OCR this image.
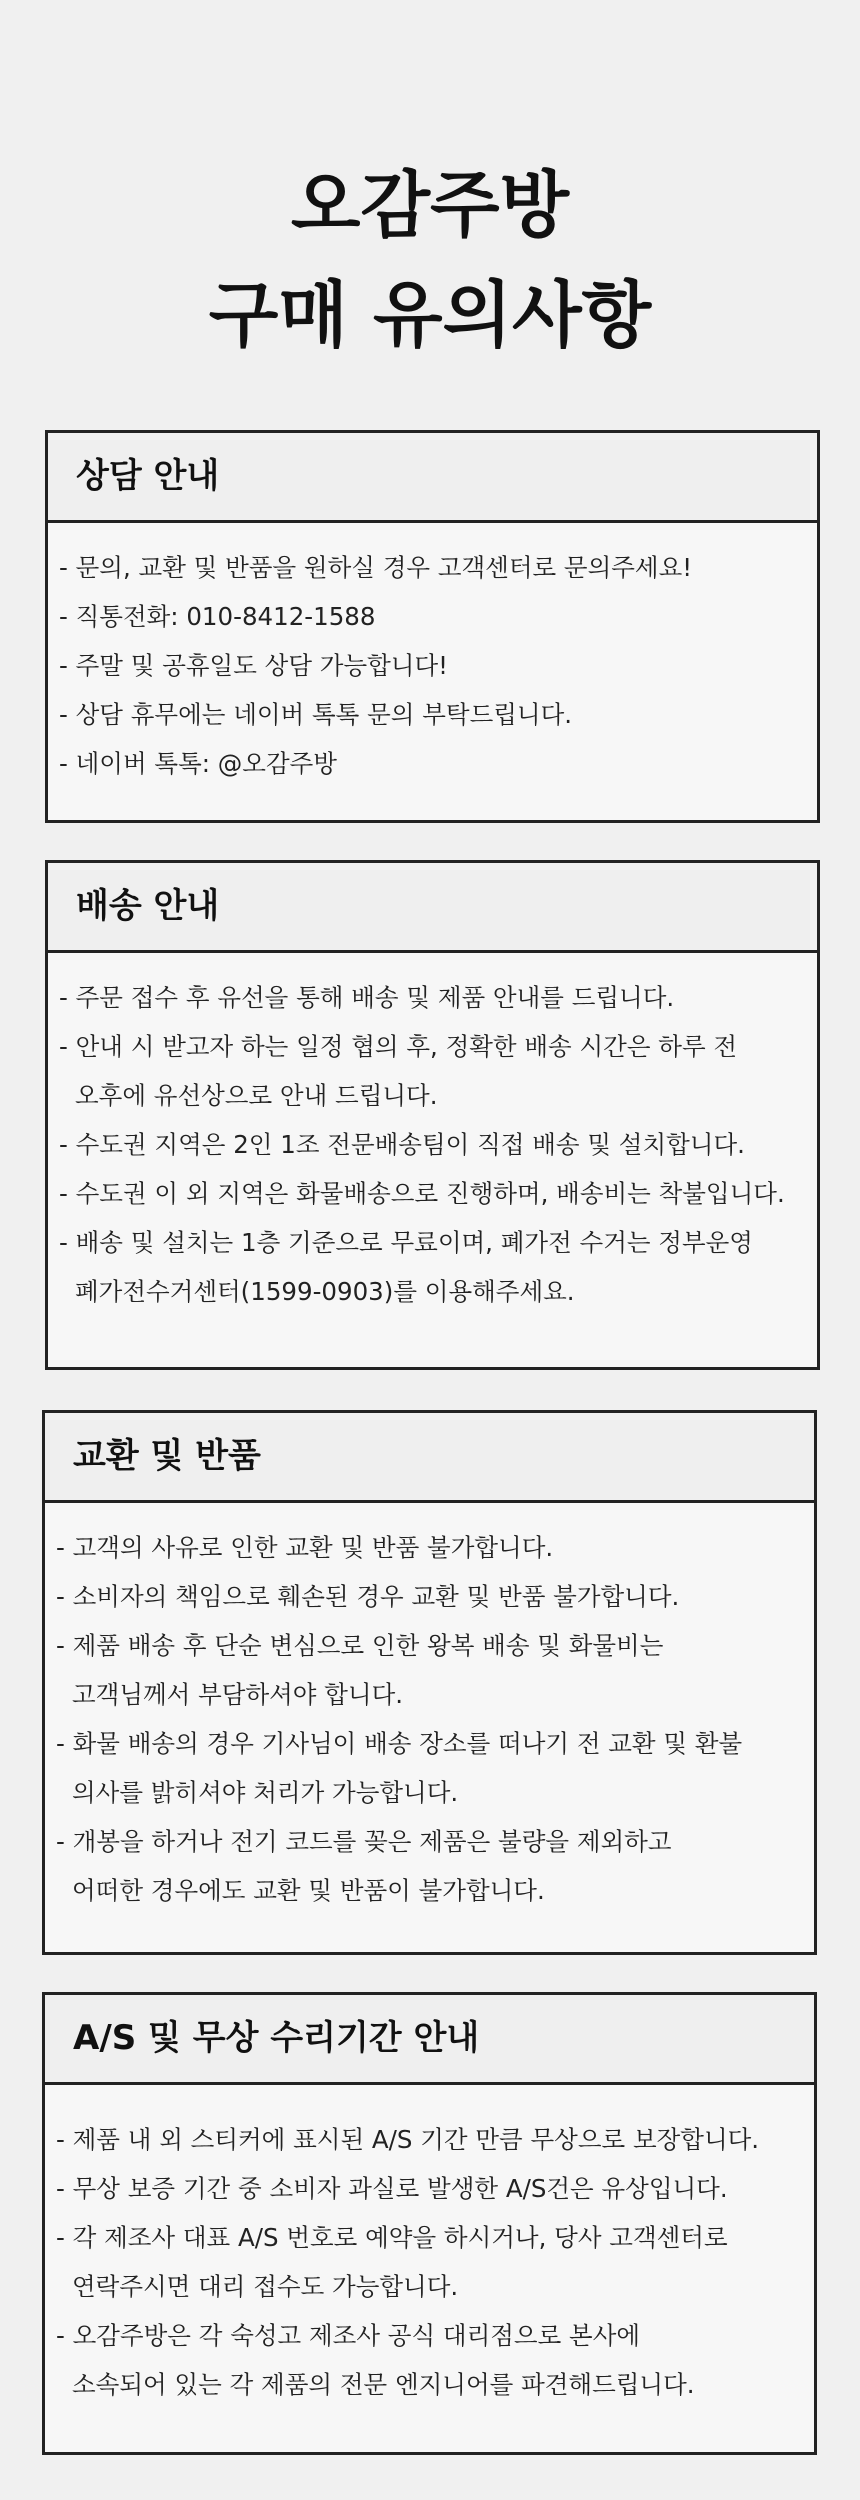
오감주방
구매 유의사항
상담 안내
- 문의, 교환 및 반품을 원하실 경우 고객센터로 문의주세요!
- 직통전화: 010-8412-1588
- 주말 및 공휴일도 상담 가능합니다!
- 상담 휴무에는 네이버 톡톡 문의 부탁드립니다.
- 네이버 톡톡: @오감주방
배송 안내
- 주문 접수 후 유선을 통해 배송 및 제품 안내를 드립니다.
- 안내 시 받고자 하는 일정 협의 후, 정확한 배송 시간은 하루 전
오후에 유선상으로 안내 드립니다.
- 수도권 지역은 2인 1조 전문배송팀이 직접 배송 및 설치합니다.
- 수도권 이 외 지역은 화물배송으로 진행하며, 배송비는 착불입니다.
- 배송 및 설치는 1층 기준으로 무료이며, 폐가전 수거는 정부운영
폐가전수거센터(1599-0903)를 이용해주세요.
교환 및 반품
- 고객의 사유로 인한 교환 및 반품 불가합니다.
- 소비자의 책임으로 훼손된 경우 교환 및 반품 불가합니다.
- 제품 배송 후 단순 변심으로 인한 왕복 배송 및 화물비는
고객님께서 부담하셔야 합니다.
- 화물 배송의 경우 기사님이 배송 장소를 떠나기 전 교환 및 환불
의사를 밝히셔야 처리가 가능합니다.
- 개봉을 하거나 전기 코드를 꽂은 제품은 불량을 제외하고
어떠한 경우에도 교환 및 반품이 불가합니다.
A/S 및 무상 수리기간 안내
- 제품 내 외 스티커에 표시된 A/S 기간 만큼 무상으로 보장합니다.
- 무상 보증 기간 중 소비자 과실로 발생한 A/S건은 유상입니다.
- 각 제조사 대표 A/S 번호로 예약을 하시거나, 당사 고객센터로
연락주시면 대리 접수도 가능합니다.
- 오감주방은 각 숙성고 제조사 공식 대리점으로 본사에
소속되어 있는 각 제품의 전문 엔지니어를 파견해드립니다.
